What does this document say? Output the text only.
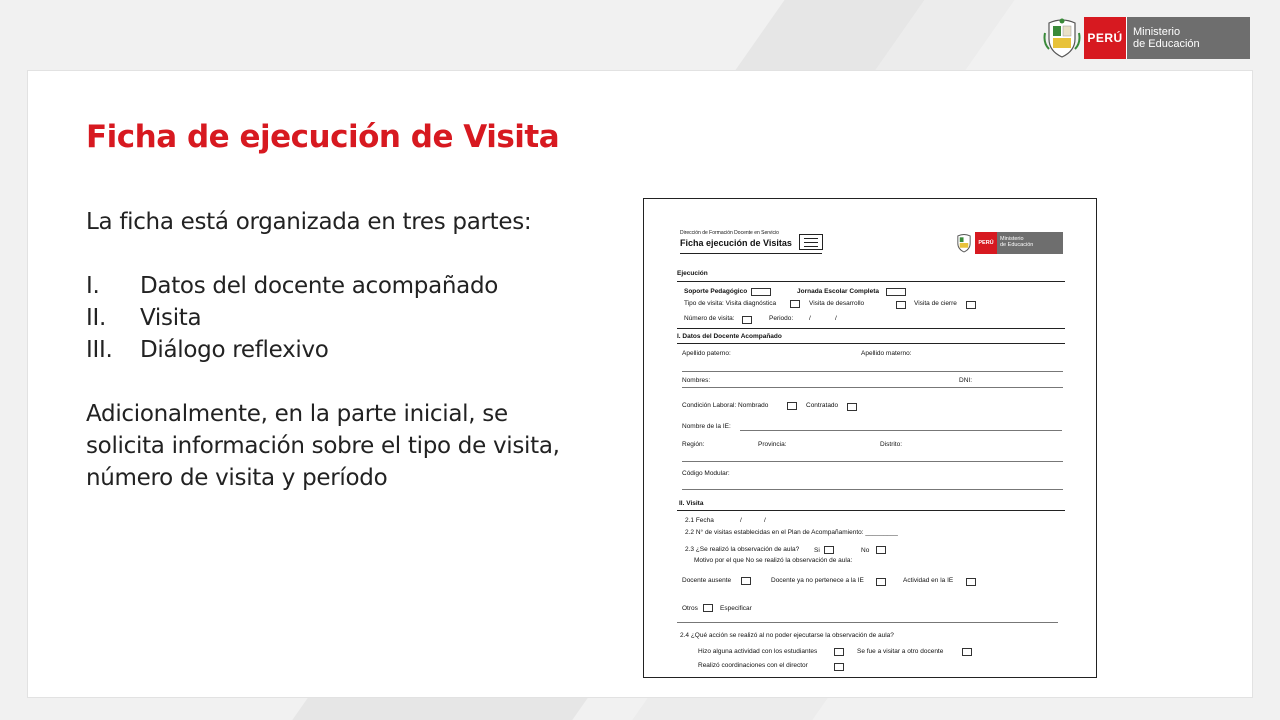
PERÚ Ministerio
de Educación
Ficha de ejecución de Visita
La ficha está organizada en tres partes:
I.	Datos del docente acompañado
II.	Visita
III.	Diálogo reflexivo
Adicionalmente, en la parte inicial, se solicita información sobre el tipo de visita, número de visita y período
Dirección de Formación Docente en Servicio
Ficha ejecución de Visitas	PERÚ
Ministerio
de Educación
Ejecución
Soporte Pedagógico	Jornada Escolar Completa
Tipo de visita: Visita diagnóstica	Visita de desarrollo	Visita de cierre
Número de visita:	Periodo: /	/
I. Datos del Docente Acompañado
Apellido paterno:	Apellido materno:
Nombres:	DNI:
Condición Laboral: Nombrado	Contratado
Nombre de la IE:
Región:	Provincia:	Distrito:
Código Modular:
II. Visita
2.1 Fecha	/	/
2.2 N° de visitas establecidas en el Plan de Acompañamiento: _________
2.3 ¿Se realizó la observación de aula? Si	No
Motivo por el que No se realizó la observación de aula:
Docente ausente	Docente ya no pertenece a la IE	Actividad en la IE
Otros	Especificar
2.4 ¿Qué acción se realizó al no poder ejecutarse la observación de aula?
Hizo alguna actividad con los estudiantes	Se fue a visitar a otro docente
Realizó coordinaciones con el director
